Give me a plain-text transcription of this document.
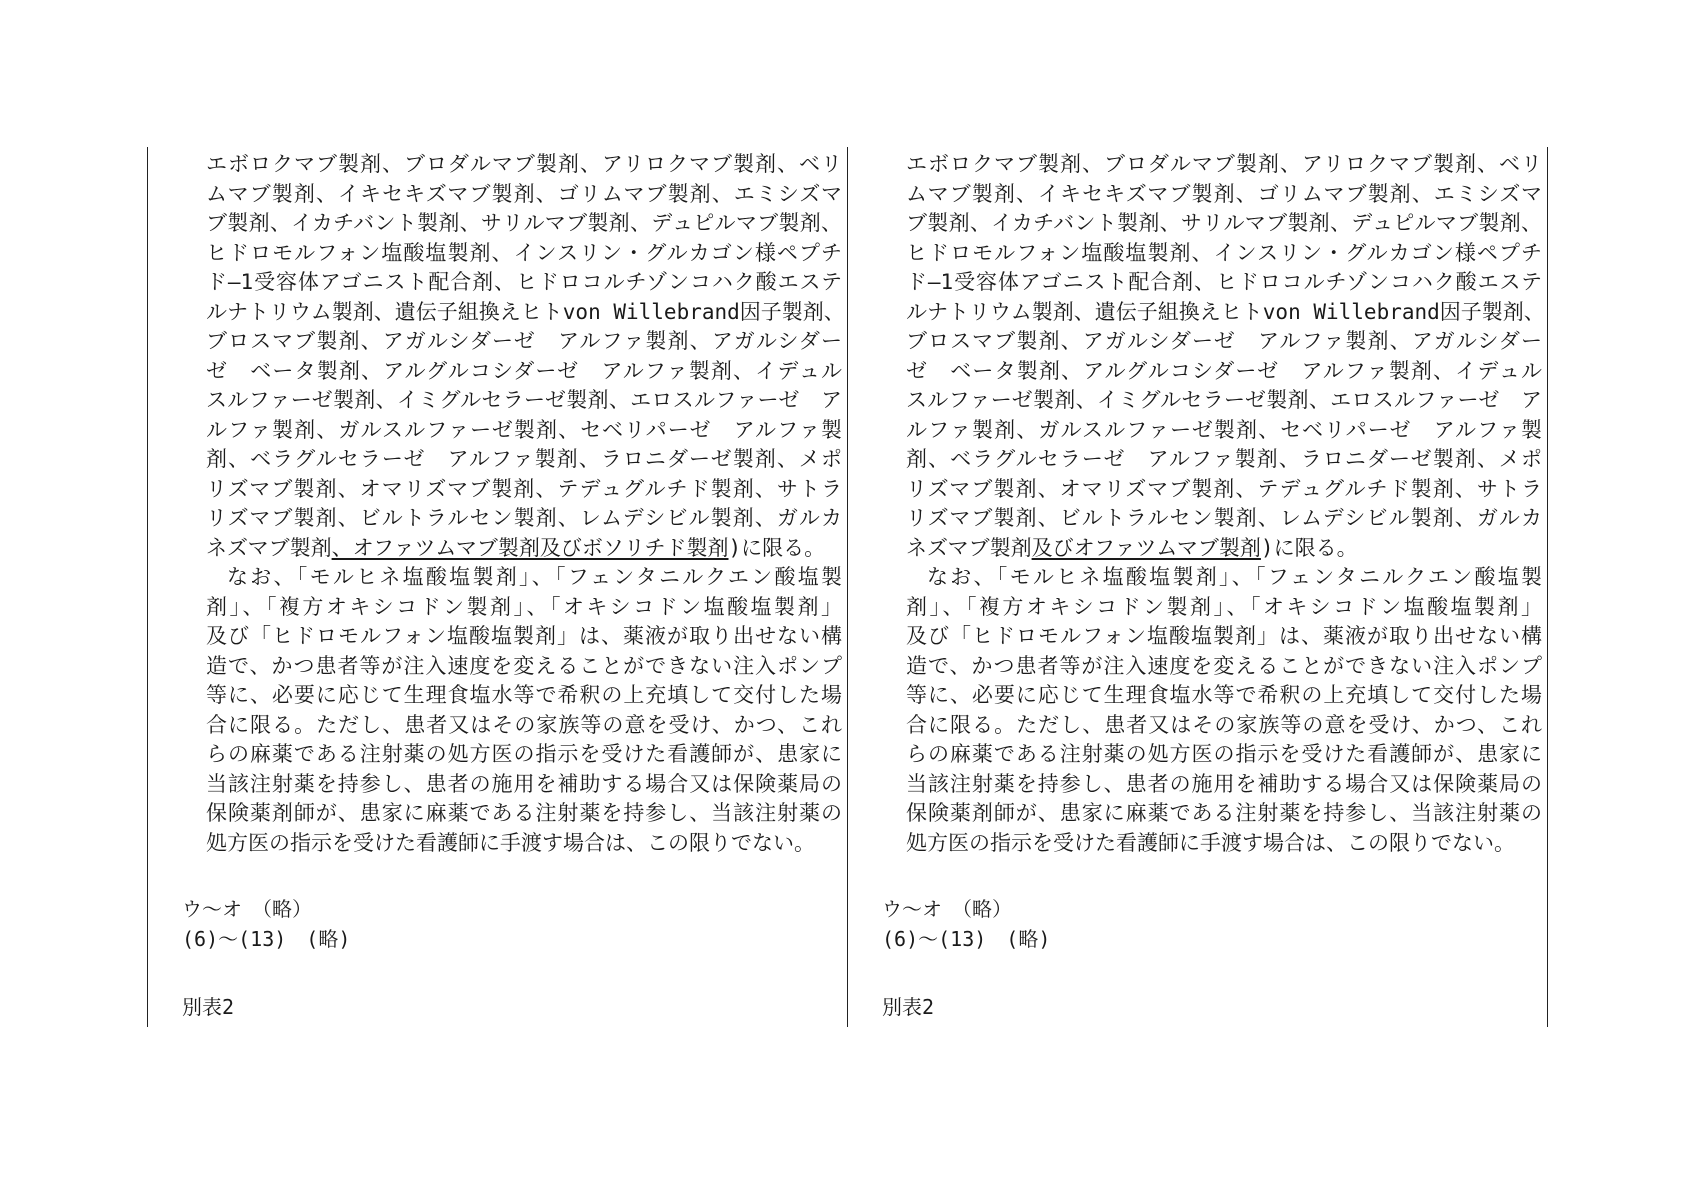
エボロクマブ製剤、ブロダルマブ製剤、アリロクマブ製剤、ベリ
ムマブ製剤、イキセキズマブ製剤、ゴリムマブ製剤、エミシズマ
ブ製剤、イカチバント製剤、サリルマブ製剤、デュピルマブ製剤、
ヒドロモルフォン塩酸塩製剤、インスリン・グルカゴン様ペプチ
ド―1受容体アゴニスト配合剤、ヒドロコルチゾンコハク酸エステ
ルナトリウム製剤、遺伝子組換えヒトvon Willebrand因子製剤、
ブロスマブ製剤、アガルシダーゼ　アルファ製剤、アガルシダー
ゼ　ベータ製剤、アルグルコシダーゼ　アルファ製剤、イデュル
スルファーゼ製剤、イミグルセラーゼ製剤、エロスルファーゼ　ア
ルファ製剤、ガルスルファーゼ製剤、セベリパーゼ　アルファ製
剤、ベラグルセラーゼ　アルファ製剤、ラロニダーゼ製剤、メポ
リズマブ製剤、オマリズマブ製剤、テデュグルチド製剤、サトラ
リズマブ製剤、ビルトラルセン製剤、レムデシビル製剤、ガルカ
ネズマブ製剤、オファツムマブ製剤及びボソリチド製剤)に限る。
なお、「モルヒネ塩酸塩製剤」、「フェンタニルクエン酸塩製
剤」、「複方オキシコドン製剤」、「オキシコドン塩酸塩製剤」
及び「ヒドロモルフォン塩酸塩製剤」は、薬液が取り出せない構
造で、かつ患者等が注入速度を変えることができない注入ポンプ
等に、必要に応じて生理食塩水等で希釈の上充填して交付した場
合に限る。ただし、患者又はその家族等の意を受け、かつ、これ
らの麻薬である注射薬の処方医の指示を受けた看護師が、患家に
当該注射薬を持参し、患者の施用を補助する場合又は保険薬局の
保険薬剤師が、患家に麻薬である注射薬を持参し、当該注射薬の
処方医の指示を受けた看護師に手渡す場合は、この限りでない。

ウ～オ　（略）

(6)～(13)　(略)

別表2

エボロクマブ製剤、ブロダルマブ製剤、アリロクマブ製剤、ベリ
ムマブ製剤、イキセキズマブ製剤、ゴリムマブ製剤、エミシズマ
ブ製剤、イカチバント製剤、サリルマブ製剤、デュピルマブ製剤、
ヒドロモルフォン塩酸塩製剤、インスリン・グルカゴン様ペプチ
ド―1受容体アゴニスト配合剤、ヒドロコルチゾンコハク酸エステ
ルナトリウム製剤、遺伝子組換えヒトvon Willebrand因子製剤、
ブロスマブ製剤、アガルシダーゼ　アルファ製剤、アガルシダー
ゼ　ベータ製剤、アルグルコシダーゼ　アルファ製剤、イデュル
スルファーゼ製剤、イミグルセラーゼ製剤、エロスルファーゼ　ア
ルファ製剤、ガルスルファーゼ製剤、セベリパーゼ　アルファ製
剤、ベラグルセラーゼ　アルファ製剤、ラロニダーゼ製剤、メポ
リズマブ製剤、オマリズマブ製剤、テデュグルチド製剤、サトラ
リズマブ製剤、ビルトラルセン製剤、レムデシビル製剤、ガルカ
ネズマブ製剤及びオファツムマブ製剤)に限る。
なお、「モルヒネ塩酸塩製剤」、「フェンタニルクエン酸塩製
剤」、「複方オキシコドン製剤」、「オキシコドン塩酸塩製剤」
及び「ヒドロモルフォン塩酸塩製剤」は、薬液が取り出せない構
造で、かつ患者等が注入速度を変えることができない注入ポンプ
等に、必要に応じて生理食塩水等で希釈の上充填して交付した場
合に限る。ただし、患者又はその家族等の意を受け、かつ、これ
らの麻薬である注射薬の処方医の指示を受けた看護師が、患家に
当該注射薬を持参し、患者の施用を補助する場合又は保険薬局の
保険薬剤師が、患家に麻薬である注射薬を持参し、当該注射薬の
処方医の指示を受けた看護師に手渡す場合は、この限りでない。

ウ～オ　（略）

(6)～(13)　(略)

別表2
